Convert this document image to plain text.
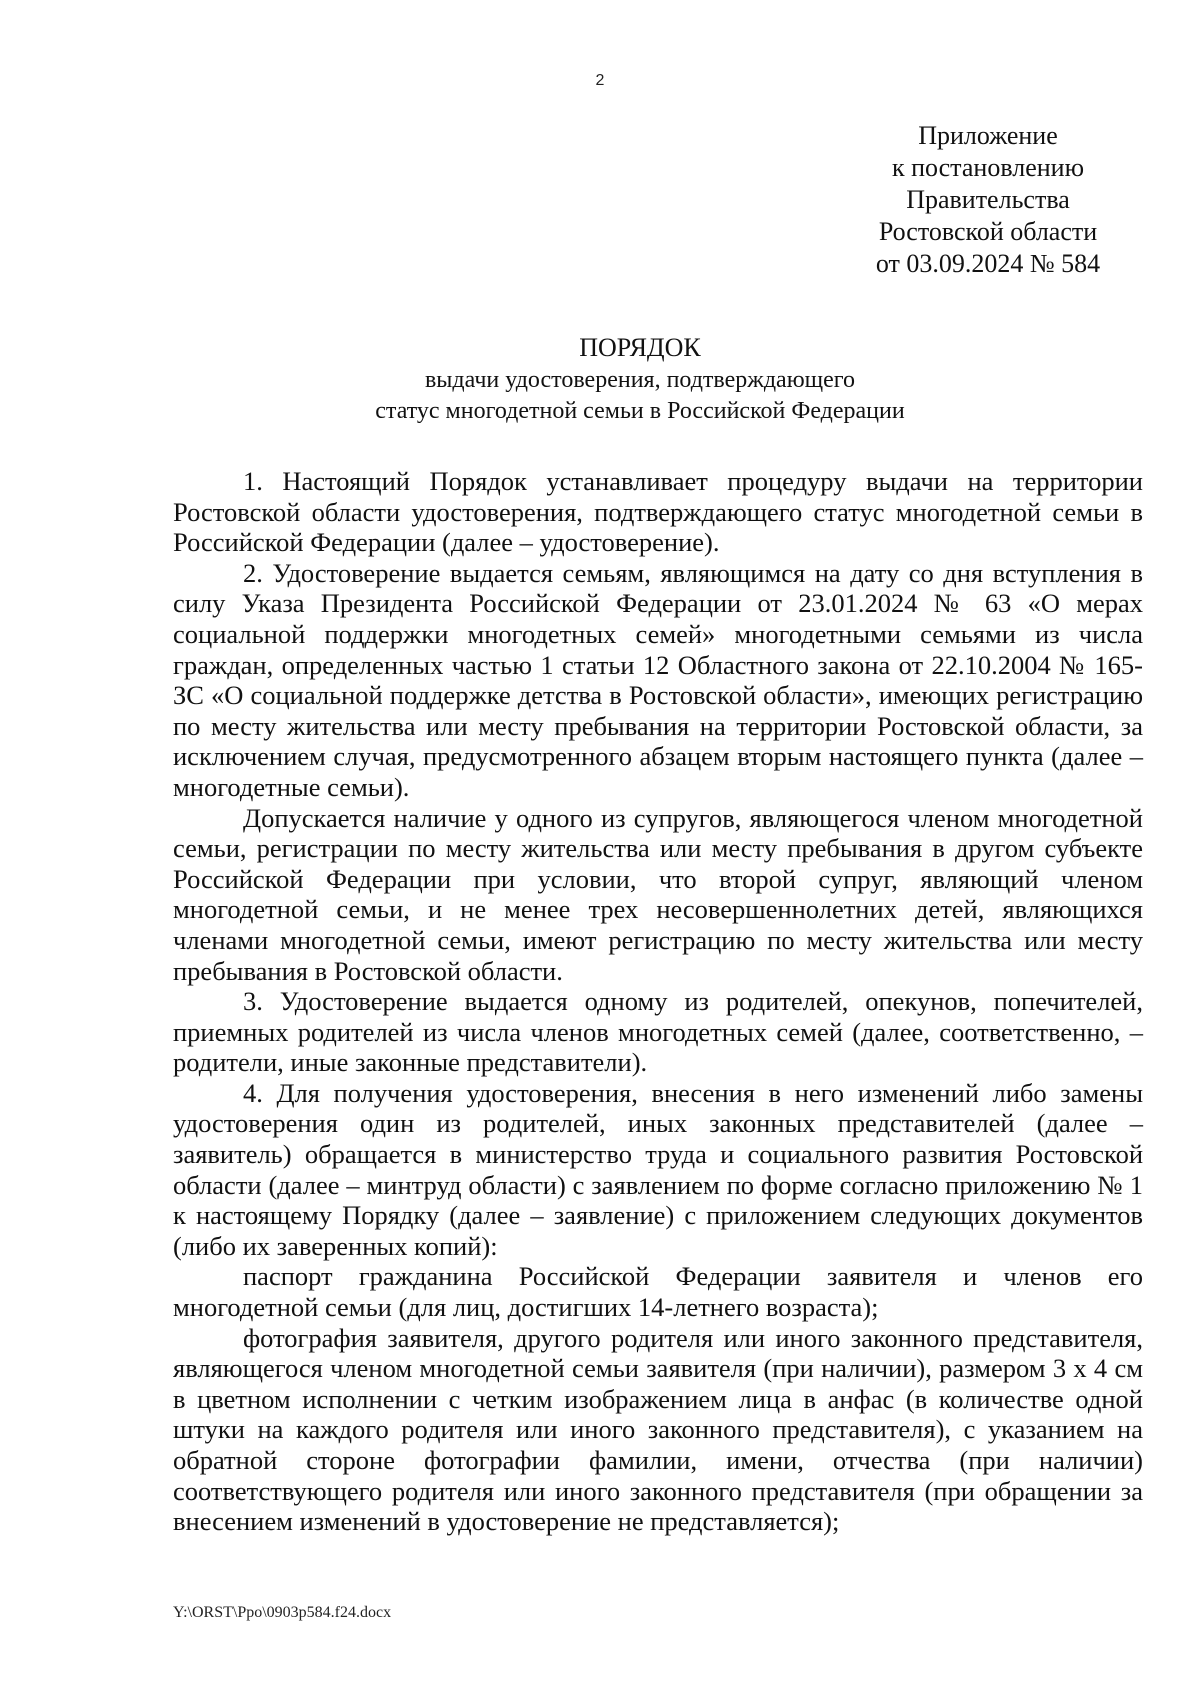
2
Приложение
к постановлению
Правительства
Ростовской области
от 03.09.2024 № 584
ПОРЯДОК
выдачи удостоверения, подтверждающего
статус многодетной семьи в Российской Федерации

1. Настоящий Порядок устанавливает процедуру выдачи на территории Ростовской области удостоверения, подтверждающего статус многодетной семьи в Российской Федерации (далее – удостоверение).

2. Удостоверение выдается семьям, являющимся на дату со дня вступления в силу Указа Президента Российской Федерации от 23.01.2024 № 63 «О мерах социальной поддержки многодетных семей» многодетными семьями из числа граждан, определенных частью 1 статьи 12 Областного закона от 22.10.2004 № 165-ЗС «О социальной поддержке детства в Ростовской области», имеющих регистрацию по месту жительства или месту пребывания на территории Ростовской области, за исключением случая, предусмотренного абзацем вторым настоящего пункта (далее – многодетные семьи).

Допускается наличие у одного из супругов, являющегося членом многодетной семьи, регистрации по месту жительства или месту пребывания в другом субъекте Российской Федерации при условии, что второй супруг, являющий членом многодетной семьи, и не менее трех несовершеннолетних детей, являющихся членами многодетной семьи, имеют регистрацию по месту жительства или месту пребывания в Ростовской области.

3. Удостоверение выдается одному из родителей, опекунов, попечителей, приемных родителей из числа членов многодетных семей (далее, соответственно, – родители, иные законные представители).

4. Для получения удостоверения, внесения в него изменений либо замены удостоверения один из родителей, иных законных представителей (далее – заявитель) обращается в министерство труда и социального развития Ростовской области (далее – минтруд области) с заявлением по форме согласно приложению № 1 к настоящему Порядку (далее – заявление) с приложением следующих документов (либо их заверенных копий):

паспорт гражданина Российской Федерации заявителя и членов его многодетной семьи (для лиц, достигших 14-летнего возраста);

фотография заявителя, другого родителя или иного законного представителя, являющегося членом многодетной семьи заявителя (при наличии), размером 3 х 4 см в цветном исполнении с четким изображением лица в анфас (в количестве одной штуки на каждого родителя или иного законного представителя), с указанием на обратной стороне фотографии фамилии, имени, отчества (при наличии) соответствующего родителя или иного законного представителя (при обращении за внесением изменений в удостоверение не представляется);

Y:\ORST\Ppo\0903p584.f24.docx
